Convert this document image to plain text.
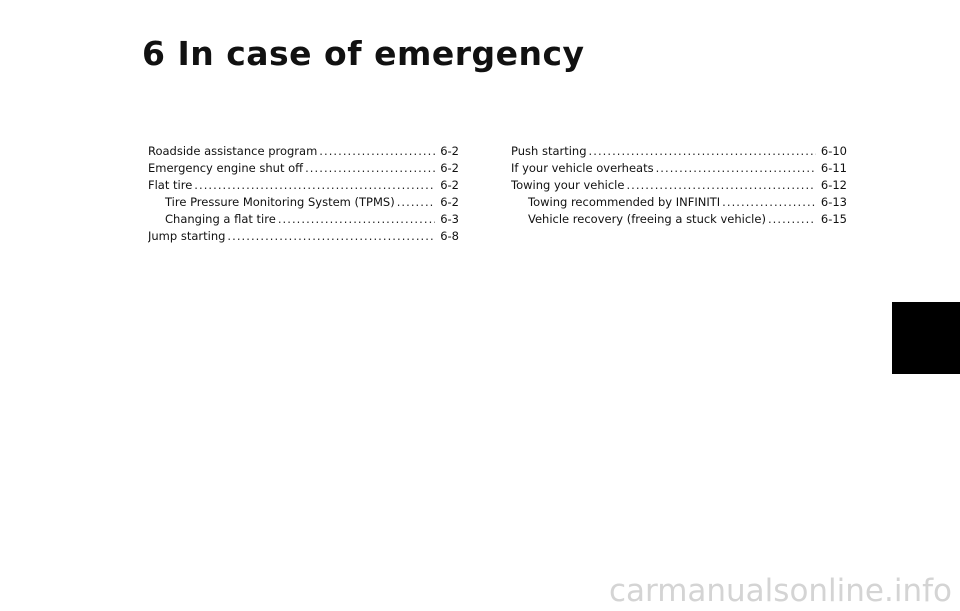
6 In case of emergency
Roadside assistance program . . .	6-2
Emergency engine shut off . . .	6-2
Flat tire . . .	6-2
Tire Pressure Monitoring System (TPMS) . . .	6-2
Changing a flat tire . . .	6-3
Jump starting . . .	6-8
Push starting . . .	6-10
If your vehicle overheats . . .	6-11
Towing your vehicle . . .	6-12
Towing recommended by INFINITI . . .	6-13
Vehicle recovery (freeing a stuck vehicle) . . .	6-15
carmanualsonline.info
